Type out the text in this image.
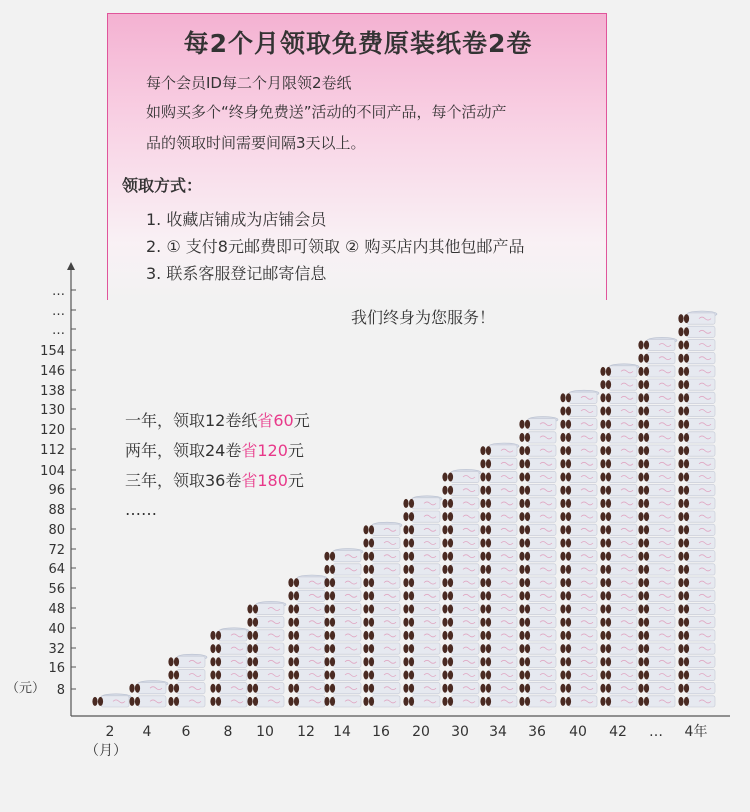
每2个月领取免费原装纸卷2卷
每个会员ID每二个月限领2卷纸
如购买多个“终身免费送”活动的不同产品，每个活动产
品的领取时间需要间隔3天以上。
领取方式：
1. 收藏店铺成为店铺会员
2. ① 支付8元邮费即可领取 ② 购买店内其他包邮产品
3. 联系客服登记邮寄信息
8
16
32
40
48
56
64
72
80
88
96
104
112
120
130
138
146
154
…
…
…
（元）
2 4 6 8 10 12 14 16 20 30 34 36 40 42 … 4年
（月）
我们终身为您服务！
一年，领取12卷纸省60元
两年，领取24卷省120元
三年，领取36卷省180元
……
